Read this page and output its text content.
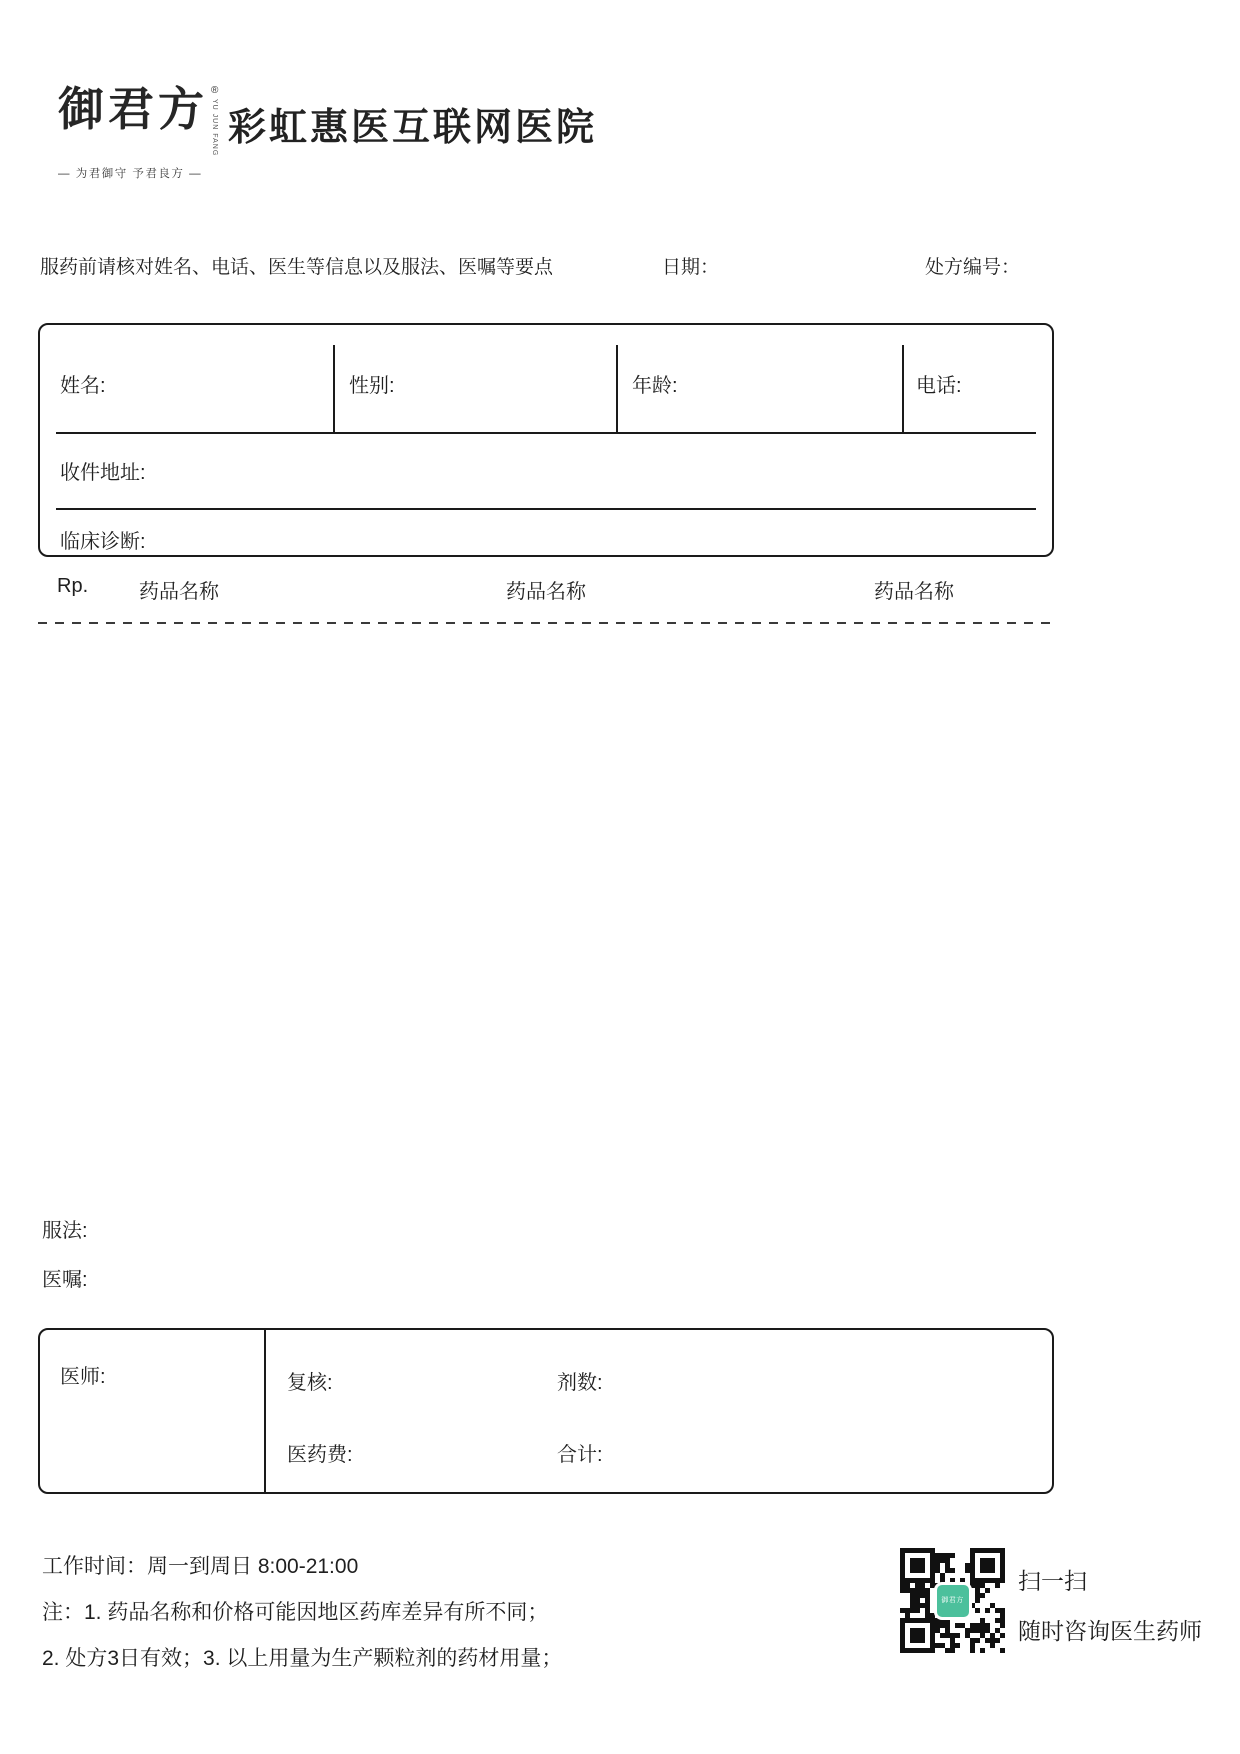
御君方 ®
YU JUN FANG
— 为君御守 予君良方 —
彩虹惠医互联网医院
服药前请核对姓名、电话、医生等信息以及服法、医嘱等要点	日期：	处方编号：
姓名:	性别:	年龄:	电话:
收件地址:
临床诊断:
Rp.	药品名称	药品名称	药品名称
服法:
医嘱:
医师:	复核:	剂数:
医药费:	合计:
工作时间：周一到周日 8:00-21:00
注：1. 药品名称和价格可能因地区药库差异有所不同；
2. 处方3日有效；3. 以上用量为生产颗粒剂的药材用量；
御君方
扫一扫
随时咨询医生药师
